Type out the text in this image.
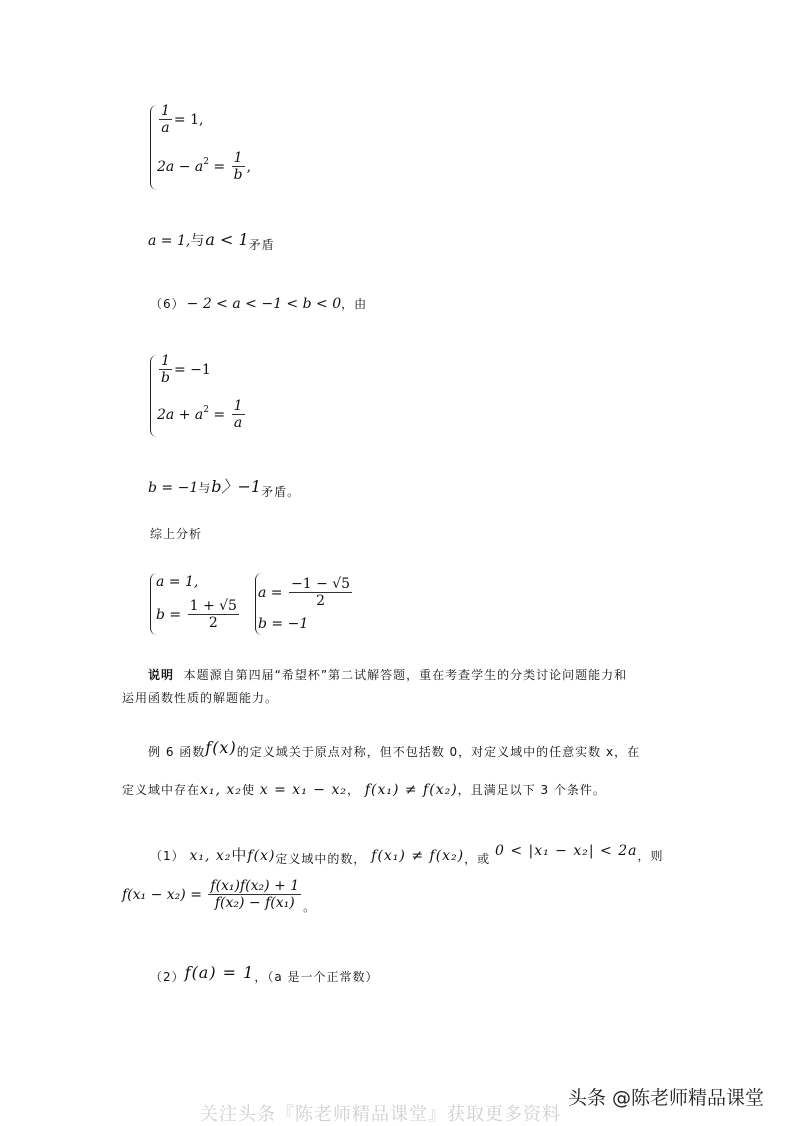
$\frac{1}{a} = 1$,
$2a - a^2 = \frac{1}{b}$ ,
a = 1,与$a < 1_{矛盾}$
（6） − 2 < a < −1 < b < 0，由
$\frac{1}{b} = -1$
$2a + a^2 = \frac{1}{a}$
b = −1与b〉$-1_{矛盾。}$
综上分析
a = 1,
$b = \frac{1 + √5}{2}$
$a = \frac{-1 - √5}{2}$
b = −1
说明 本题源自第四届“希望杯”第二试解答题，重在考查学生的分类讨论问题能力和
运用函数性质的解题能力。
例 6 函数f(x)的定义域关于原点对称，但不包括数 0，对定义域中的任意实数 x，在
定义域中存在x₁, x₂使 x = x₁ − x₂， f(x₁) ≠ f(x₂)，且满足以下 3 个条件。
（1） x₁, x₂中f(x)定义域中的数， f(x₁) ≠ f(x₂)，或 0 < |x₁ − x₂| < 2a，则
$f(x_1 - x_2) = \frac{\text{f(x₁)f(x₂) + 1}}{\text{f(x₂) − f(x₁)}} _。$
（2）f(a) = 1，（a 是一个正常数）
头条 @陈老师精品课堂
关注头条『陈老师精品课堂』获取更多资料
